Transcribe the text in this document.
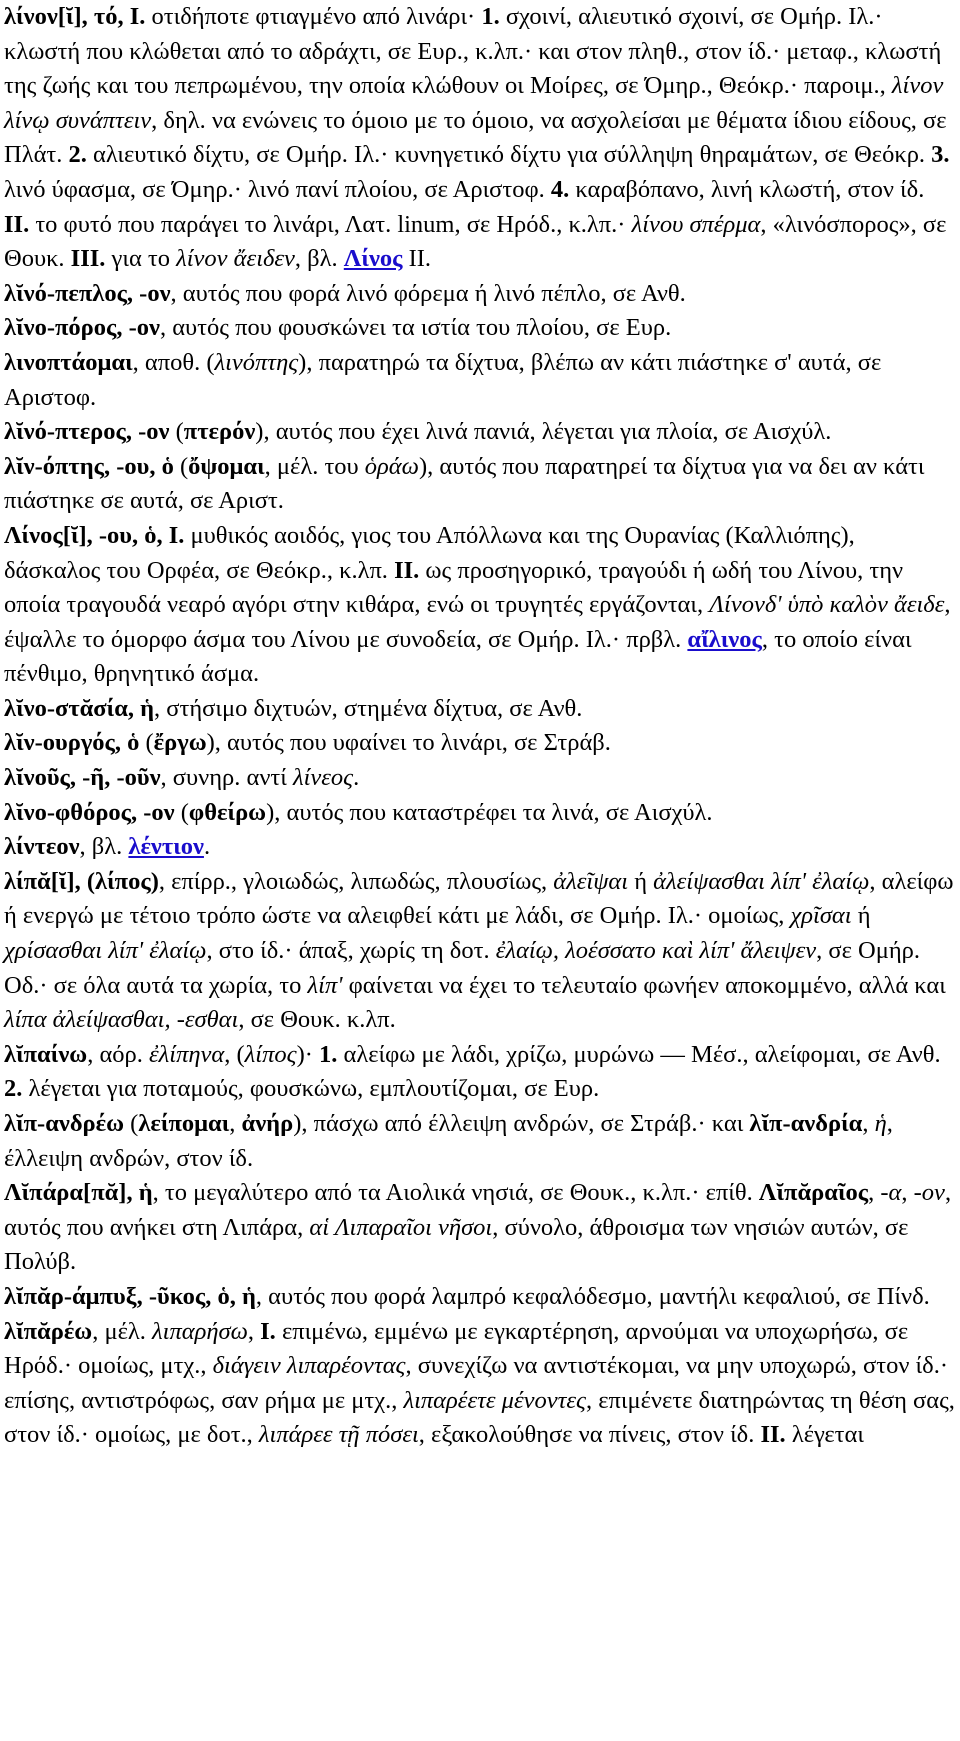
λίνον[ῐ], τό, I. οτιδήποτε φτιαγμένο από λινάρι· 1. σχοινί, αλιευτικό σχοινί, σε Ομήρ. Ιλ.· κλωστή που κλώθεται από το αδράχτι, σε Ευρ., κ.λπ.· και στον πληθ., στον ίδ.· μεταφ., κλωστή της ζωής και του πεπρωμένου, την οποία κλώθουν οι Μοίρες, σε Όμηρ., Θεόκρ.· παροιμ., λίνον λίνῳ συνάπτειν, δηλ. να ενώνεις το όμοιο με το όμοιο, να ασχολείσαι με θέματα ίδιου είδους, σε Πλάτ. 2. αλιευτικό δίχτυ, σε Ομήρ. Ιλ.· κυνηγετικό δίχτυ για σύλληψη θηραμάτων, σε Θεόκρ. 3. λινό ύφασμα, σε Όμηρ.· λινό πανί πλοίου, σε Αριστοφ. 4. καραβόπανο, λινή κλωστή, στον ίδ. II. το φυτό που παράγει το λινάρι, Λατ. linum, σε Ηρόδ., κ.λπ.· λίνου σπέρμα, «λινόσπορος», σε Θουκ. III. για το λίνον ἄειδεν, βλ. Λίνος II.

λῐνό-πεπλος, -ον, αυτός που φορά λινό φόρεμα ή λινό πέπλο, σε Ανθ.

λῐνο-πόρος, -ον, αυτός που φουσκώνει τα ιστία του πλοίου, σε Ευρ.

λινοπτάομαι, αποθ. (λινόπτης), παρατηρώ τα δίχτυα, βλέπω αν κάτι πιάστηκε σ' αυτά, σε Αριστοφ.

λῐνό-πτερος, -ον (πτερόν), αυτός που έχει λινά πανιά, λέγεται για πλοία, σε Αισχύλ.

λῐν-όπτης, -ου, ὁ (ὄψομαι, μέλ. του ὁράω), αυτός που παρατηρεί τα δίχτυα για να δει αν κάτι πιάστηκε σε αυτά, σε Αριστ.

Λίνος[ῐ], -ου, ὁ, I. μυθικός αοιδός, γιος του Απόλλωνα και της Ουρανίας (Καλλιόπης), δάσκαλος του Ορφέα, σε Θεόκρ., κ.λπ. II. ως προσηγορικό, τραγούδι ή ωδή του Λίνου, την οποία τραγουδά νεαρό αγόρι στην κιθάρα, ενώ οι τρυγητές εργάζονται, Λίνονδ' ὑπὸ καλὸν ἄειδε, έψαλλε το όμορφο άσμα του Λίνου με συνοδεία, σε Ομήρ. Ιλ.· πρβλ. αἴλινος, το οποίο είναι πένθιμο, θρηνητικό άσμα.

λῐνο-στᾰσία, ἡ, στήσιμο διχτυών, στημένα δίχτυα, σε Ανθ.

λῐν-ουργός, ὁ (ἔργω), αυτός που υφαίνει το λινάρι, σε Στράβ.

λῐνοῦς, -ῆ, -οῦν, συνηρ. αντί λίνεος.

λῐνο-φθόρος, -ον (φθείρω), αυτός που καταστρέφει τα λινά, σε Αισχύλ.

λίντεον, βλ. λέντιον.

λίπᾰ[ῐ], (λίπος), επίρρ., γλοιωδώς, λιπωδώς, πλουσίως, ἀλεῖψαι ή ἀλείψασθαι λίπ' ἐλαίῳ, αλείφω ή ενεργώ με τέτοιο τρόπο ώστε να αλειφθεί κάτι με λάδι, σε Ομήρ. Ιλ.· ομοίως, χρῖσαι ή χρίσασθαι λίπ' ἐλαίῳ, στο ίδ.· άπαξ, χωρίς τη δοτ. ἐλαίῳ, λοέσσατο καὶ λίπ' ἄλειψεν, σε Ομήρ. Οδ.· σε όλα αυτά τα χωρία, το λίπ' φαίνεται να έχει το τελευταίο φωνήεν αποκομμένο, αλλά και λίπα ἀλείψασθαι, -εσθαι, σε Θουκ. κ.λπ.

λῐπαίνω, αόρ. ἐλίπηνα, (λίπος)· 1. αλείφω με λάδι, χρίζω, μυρώνω — Μέσ., αλείφομαι, σε Ανθ. 2. λέγεται για ποταμούς, φουσκώνω, εμπλουτίζομαι, σε Ευρ.

λῐπ-ανδρέω (λείπομαι, ἀνήρ), πάσχω από έλλειψη ανδρών, σε Στράβ.· και λῐπ-ανδρία, ἡ, έλλειψη ανδρών, στον ίδ.

Λῐπάρα[πᾰ], ἡ, το μεγαλύτερο από τα Αιολικά νησιά, σε Θουκ., κ.λπ.· επίθ. Λῐπᾰραῖος, -α, -ον, αυτός που ανήκει στη Λιπάρα, αἱ Λιπαραῖοι νῆσοι, σύνολο, άθροισμα των νησιών αυτών, σε Πολύβ.

λῐπᾰρ-άμπυξ, -ῦκος, ὁ, ἡ, αυτός που φορά λαμπρό κεφαλόδεσμο, μαντήλι κεφαλιού, σε Πίνδ.

λῐπᾰρέω, μέλ. λιπαρήσω, I. επιμένω, εμμένω με εγκαρτέρηση, αρνούμαι να υποχωρήσω, σε Ηρόδ.· ομοίως, μτχ., διάγειν λιπαρέοντας, συνεχίζω να αντιστέκομαι, να μην υποχωρώ, στον ίδ.· επίσης, αντιστρόφως, σαν ρήμα με μτχ., λιπαρέετε μένοντες, επιμένετε διατηρώντας τη θέση σας, στον ίδ.· ομοίως, με δοτ., λιπάρεε τῇ πόσει, εξακολούθησε να πίνεις, στον ίδ. II. λέγεται
